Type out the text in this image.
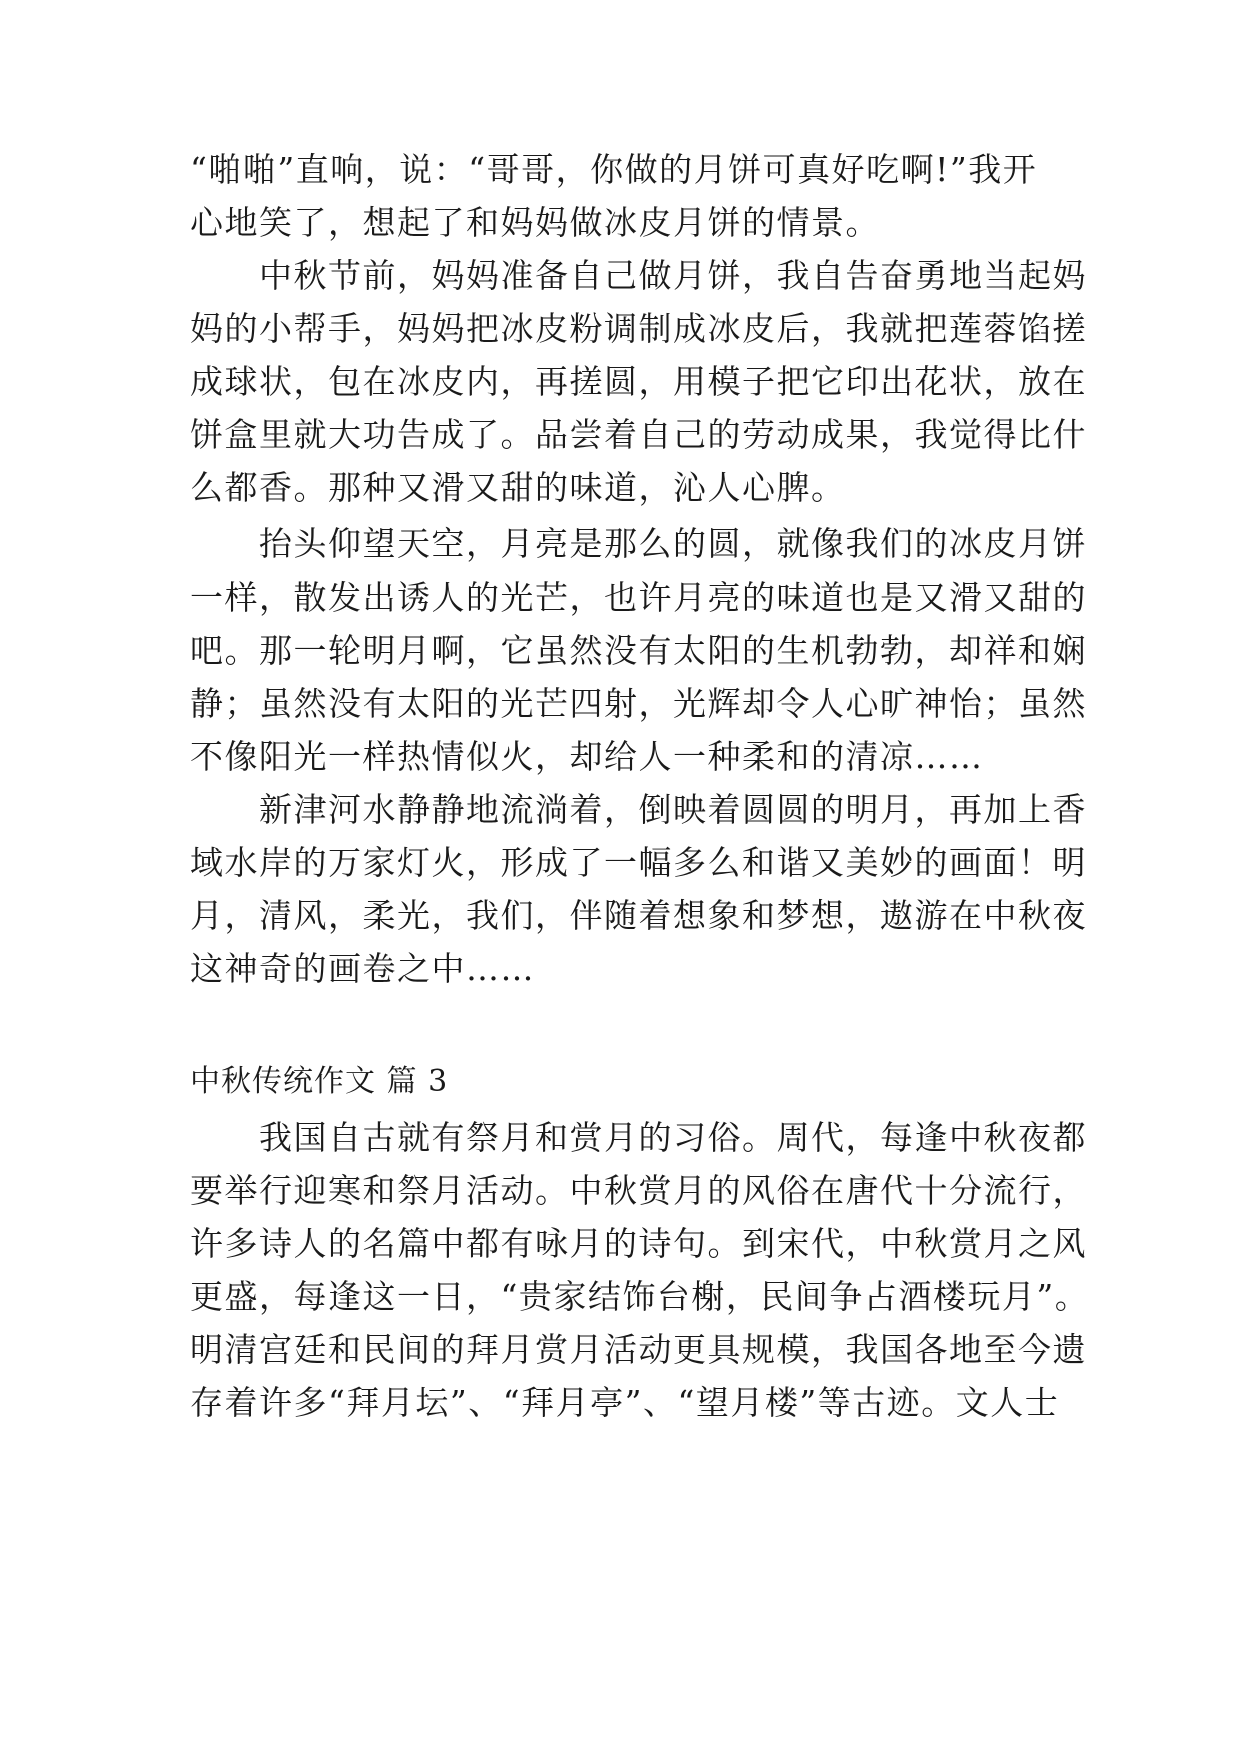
“啪啪”直响，说：“哥哥，你做的月饼可真好吃啊!”我开
心地笑了，想起了和妈妈做冰皮月饼的情景。
　　中秋节前，妈妈准备自己做月饼，我自告奋勇地当起妈
妈的小帮手，妈妈把冰皮粉调制成冰皮后，我就把莲蓉馅搓
成球状，包在冰皮内，再搓圆，用模子把它印出花状，放在
饼盒里就大功告成了。品尝着自己的劳动成果，我觉得比什
么都香。那种又滑又甜的味道，沁人心脾。
　　抬头仰望天空，月亮是那么的圆，就像我们的冰皮月饼
一样，散发出诱人的光芒，也许月亮的味道也是又滑又甜的
吧。那一轮明月啊，它虽然没有太阳的生机勃勃，却祥和娴
静；虽然没有太阳的光芒四射，光辉却令人心旷神怡；虽然
不像阳光一样热情似火，却给人一种柔和的清凉……
　　新津河水静静地流淌着，倒映着圆圆的明月，再加上香
域水岸的万家灯火，形成了一幅多么和谐又美妙的画面！明
月，清风，柔光，我们，伴随着想象和梦想，遨游在中秋夜
这神奇的画卷之中……
中秋传统作文 篇 3
　　我国自古就有祭月和赏月的习俗。周代，每逢中秋夜都
要举行迎寒和祭月活动。中秋赏月的风俗在唐代十分流行，
许多诗人的名篇中都有咏月的诗句。到宋代，中秋赏月之风
更盛，每逢这一日，“贵家结饰台榭，民间争占酒楼玩月”。
明清宫廷和民间的拜月赏月活动更具规模，我国各地至今遗
存着许多“拜月坛”、“拜月亭”、“望月楼”等古迹。文人士
